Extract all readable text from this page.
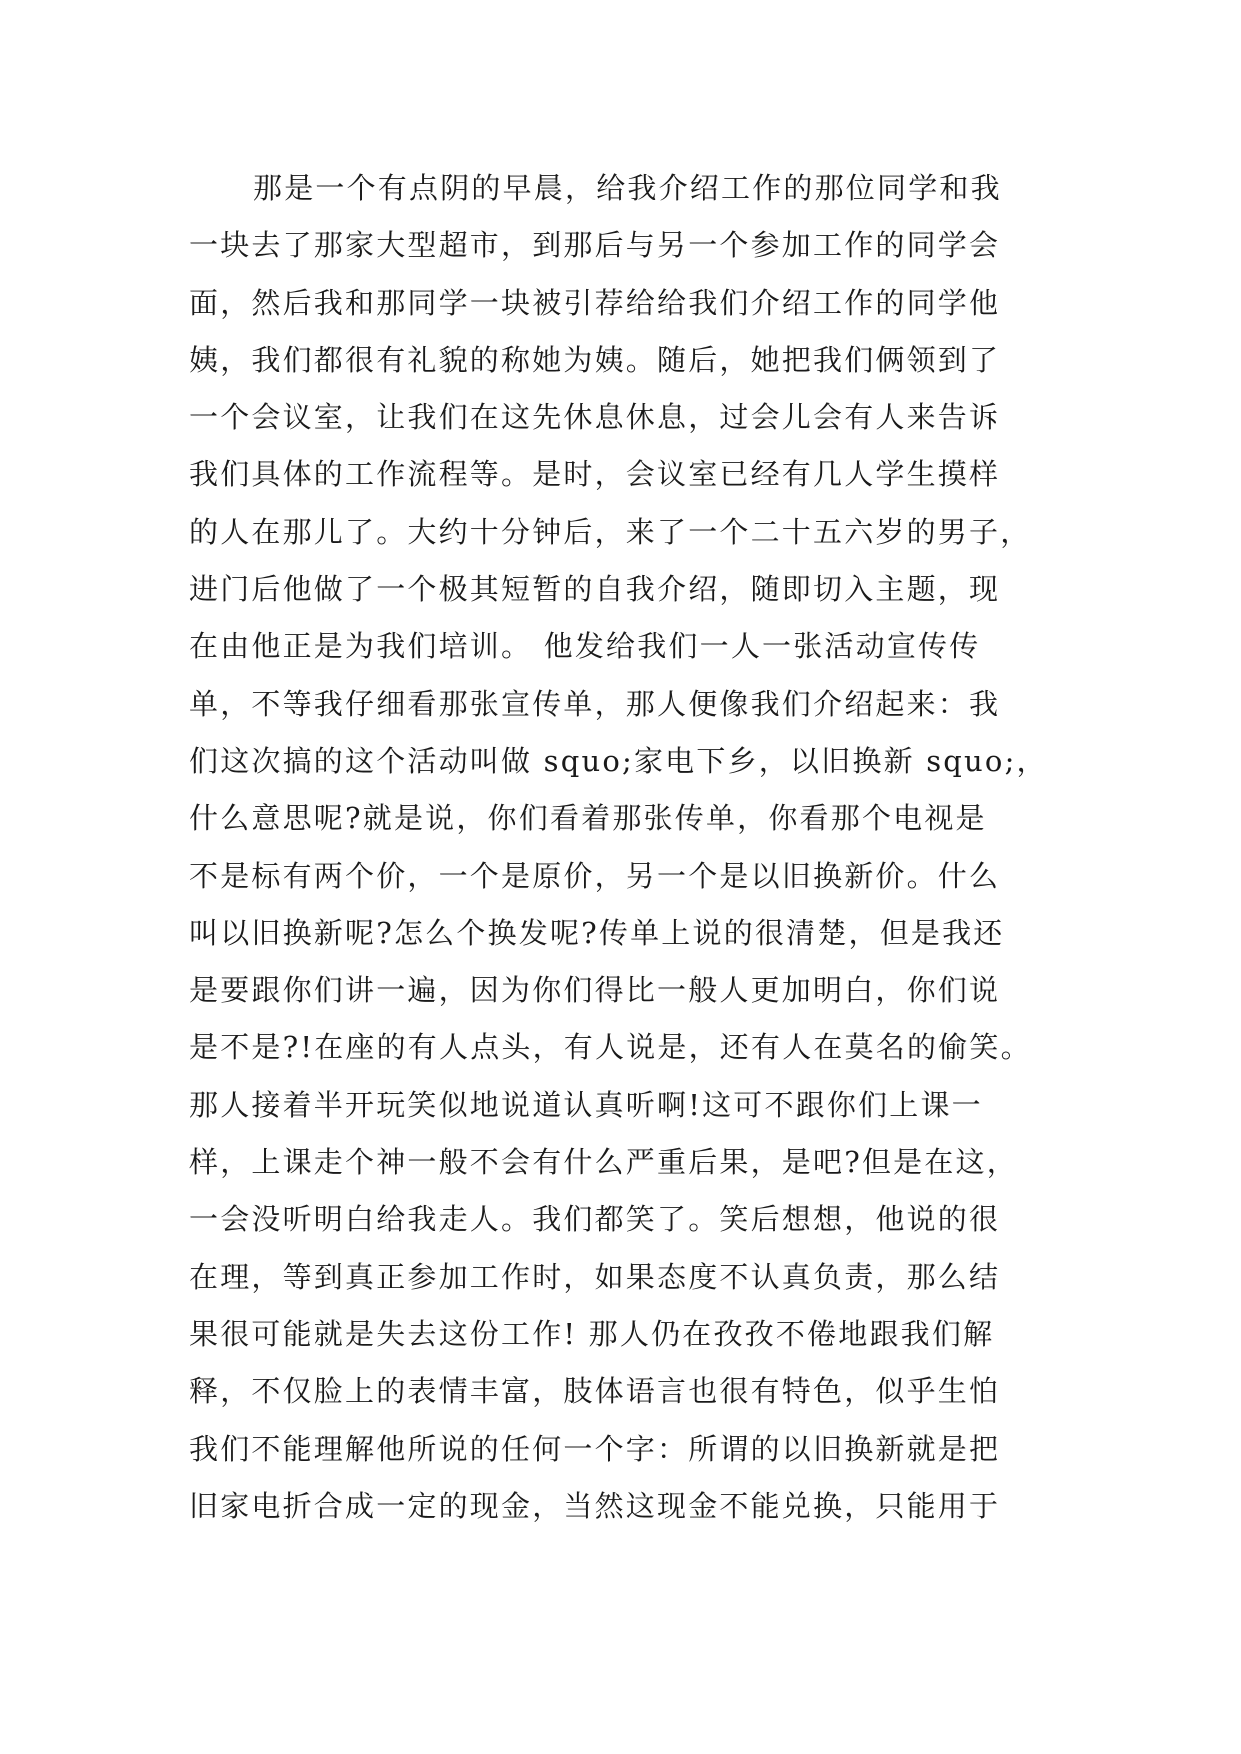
那是一个有点阴的早晨，给我介绍工作的那位同学和我
一块去了那家大型超市，到那后与另一个参加工作的同学会
面，然后我和那同学一块被引荐给给我们介绍工作的同学他
姨，我们都很有礼貌的称她为姨。随后，她把我们俩领到了
一个会议室，让我们在这先休息休息，过会儿会有人来告诉
我们具体的工作流程等。是时，会议室已经有几人学生摸样
的人在那儿了。大约十分钟后，来了一个二十五六岁的男子，
进门后他做了一个极其短暂的自我介绍，随即切入主题，现
在由他正是为我们培训。 他发给我们一人一张活动宣传传
单，不等我仔细看那张宣传单，那人便像我们介绍起来：我
们这次搞的这个活动叫做 squo;家电下乡，以旧换新 squo;，
什么意思呢?就是说，你们看着那张传单，你看那个电视是
不是标有两个价，一个是原价，另一个是以旧换新价。什么
叫以旧换新呢?怎么个换发呢?传单上说的很清楚，但是我还
是要跟你们讲一遍，因为你们得比一般人更加明白，你们说
是不是?!在座的有人点头，有人说是，还有人在莫名的偷笑。
那人接着半开玩笑似地说道认真听啊!这可不跟你们上课一
样，上课走个神一般不会有什么严重后果，是吧?但是在这，
一会没听明白给我走人。我们都笑了。笑后想想，他说的很
在理，等到真正参加工作时，如果态度不认真负责，那么结
果很可能就是失去这份工作! 那人仍在孜孜不倦地跟我们解
释，不仅脸上的表情丰富，肢体语言也很有特色，似乎生怕
我们不能理解他所说的任何一个字：所谓的以旧换新就是把
旧家电折合成一定的现金，当然这现金不能兑换，只能用于
